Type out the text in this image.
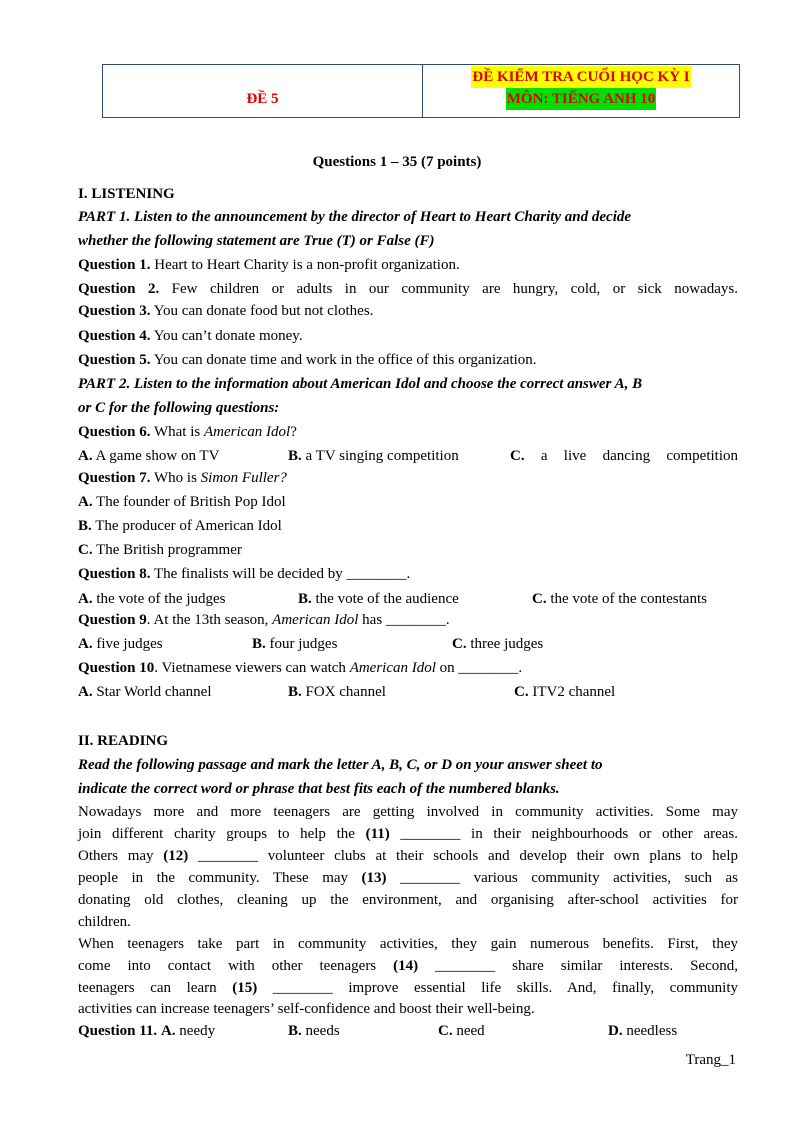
ĐỀ 5
ĐỀ KIỂM TRA CUỐI HỌC KỲ I
MÔN: TIẾNG ANH 10
Questions 1 – 35 (7 points)
I. LISTENING
PART 1. Listen to the announcement by the director of Heart to Heart Charity and decide
whether the following statement are True (T) or False (F)
Question 1. Heart to Heart Charity is a non-profit organization.
Question 2. Few children or adults in our community are hungry, cold, or sick nowadays.
Question 3. You can donate food but not clothes.
Question 4. You can’t donate money.
Question 5. You can donate time and work in the office of this organization.
PART 2. Listen to the information about American Idol and choose the correct answer A, B
or C for the following questions:
Question 6. What is American Idol?
A. A game show on TV	B. a TV singing competition	C. a live dancing competition
Question 7. Who is Simon Fuller?
A. The founder of British Pop Idol
B. The producer of American Idol
C. The British programmer
Question 8. The finalists will be decided by ________.
A. the vote of the judges	B. the vote of the audience	C. the vote of the contestants
Question 9. At the 13th season, American Idol has ________.
A. five judges	B. four judges	C. three judges
Question 10. Vietnamese viewers can watch American Idol on ________.
A. Star World channel	B. FOX channel	C. ITV2 channel
II. READING
Read the following passage and mark the letter A, B, C, or D on your answer sheet to
indicate the correct word or phrase that best fits each of the numbered blanks.
Nowadays more and more teenagers are getting involved in community activities. Some may
join different charity groups to help the (11) ________ in their neighbourhoods or other areas.
Others may (12) ________ volunteer clubs at their schools and develop their own plans to help
people in the community. These may (13) ________ various community activities, such as
donating old clothes, cleaning up the environment, and organising after-school activities for
children.
When teenagers take part in community activities, they gain numerous benefits. First, they
come into contact with other teenagers (14) ________ share similar interests. Second,
teenagers can learn (15) ________ improve essential life skills. And, finally, community
activities can increase teenagers’ self-confidence and boost their well-being.
Question 11. A. needy	B. needs	C. need	D. needless
Trang_1
